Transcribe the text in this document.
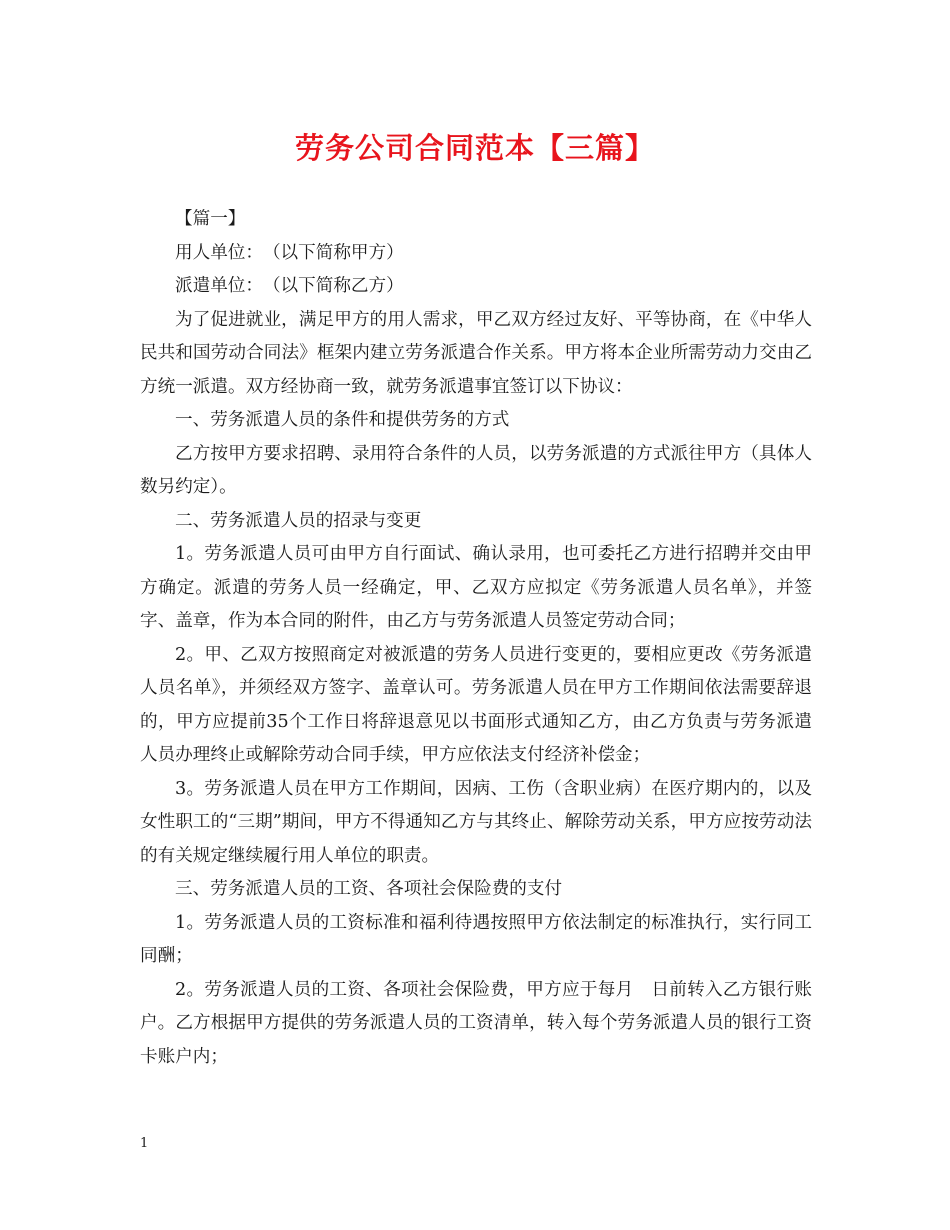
劳务公司合同范本【三篇】

【篇一】

用人单位：　（以下简称甲方）

派遣单位：　（以下简称乙方）

为了促进就业，满足甲方的用人需求，甲乙双方经过友好、平等协商，在《中华人民共和国劳动合同法》框架内建立劳务派遣合作关系。甲方将本企业所需劳动力交由乙方统一派遣。双方经协商一致，就劳务派遣事宜签订以下协议：

一、劳务派遣人员的条件和提供劳务的方式

乙方按甲方要求招聘、录用符合条件的人员，以劳务派遣的方式派往甲方（具体人数另约定）。

二、劳务派遣人员的招录与变更

1。劳务派遣人员可由甲方自行面试、确认录用，也可委托乙方进行招聘并交由甲方确定。派遣的劳务人员一经确定，甲、乙双方应拟定《劳务派遣人员名单》，并签字、盖章，作为本合同的附件，由乙方与劳务派遣人员签定劳动合同；

2。甲、乙双方按照商定对被派遣的劳务人员进行变更的，要相应更改《劳务派遣人员名单》，并须经双方签字、盖章认可。劳务派遣人员在甲方工作期间依法需要辞退的，甲方应提前35个工作日将辞退意见以书面形式通知乙方，由乙方负责与劳务派遣人员办理终止或解除劳动合同手续，甲方应依法支付经济补偿金；

3。劳务派遣人员在甲方工作期间，因病、工伤（含职业病）在医疗期内的，以及女性职工的“三期”期间，甲方不得通知乙方与其终止、解除劳动关系，甲方应按劳动法的有关规定继续履行用人单位的职责。

三、劳务派遣人员的工资、各项社会保险费的支付

1。劳务派遣人员的工资标准和福利待遇按照甲方依法制定的标准执行，实行同工同酬；

2。劳务派遣人员的工资、各项社会保险费，甲方应于每月　日前转入乙方银行账户。乙方根据甲方提供的劳务派遣人员的工资清单，转入每个劳务派遣人员的银行工资卡账户内；

1
